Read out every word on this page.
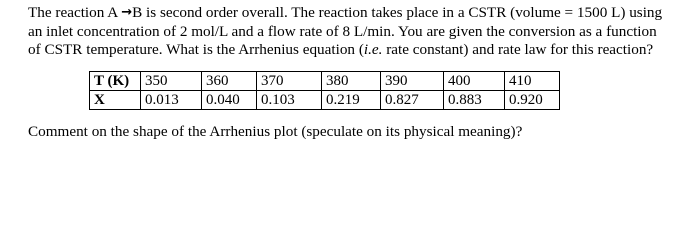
The reaction A →B is second order overall. The reaction takes place in a CSTR (volume = 1500 L) using
an inlet concentration of 2 mol/L and a flow rate of 8 L/min. You are given the conversion as a function
of CSTR temperature. What is the Arrhenius equation (i.e. rate constant) and rate law for this reaction?
T (K)	350	360	370	380	390	400	410
X	0.013	0.040	0.103	0.219	0.827	0.883	0.920
Comment on the shape of the Arrhenius plot (speculate on its physical meaning)?
